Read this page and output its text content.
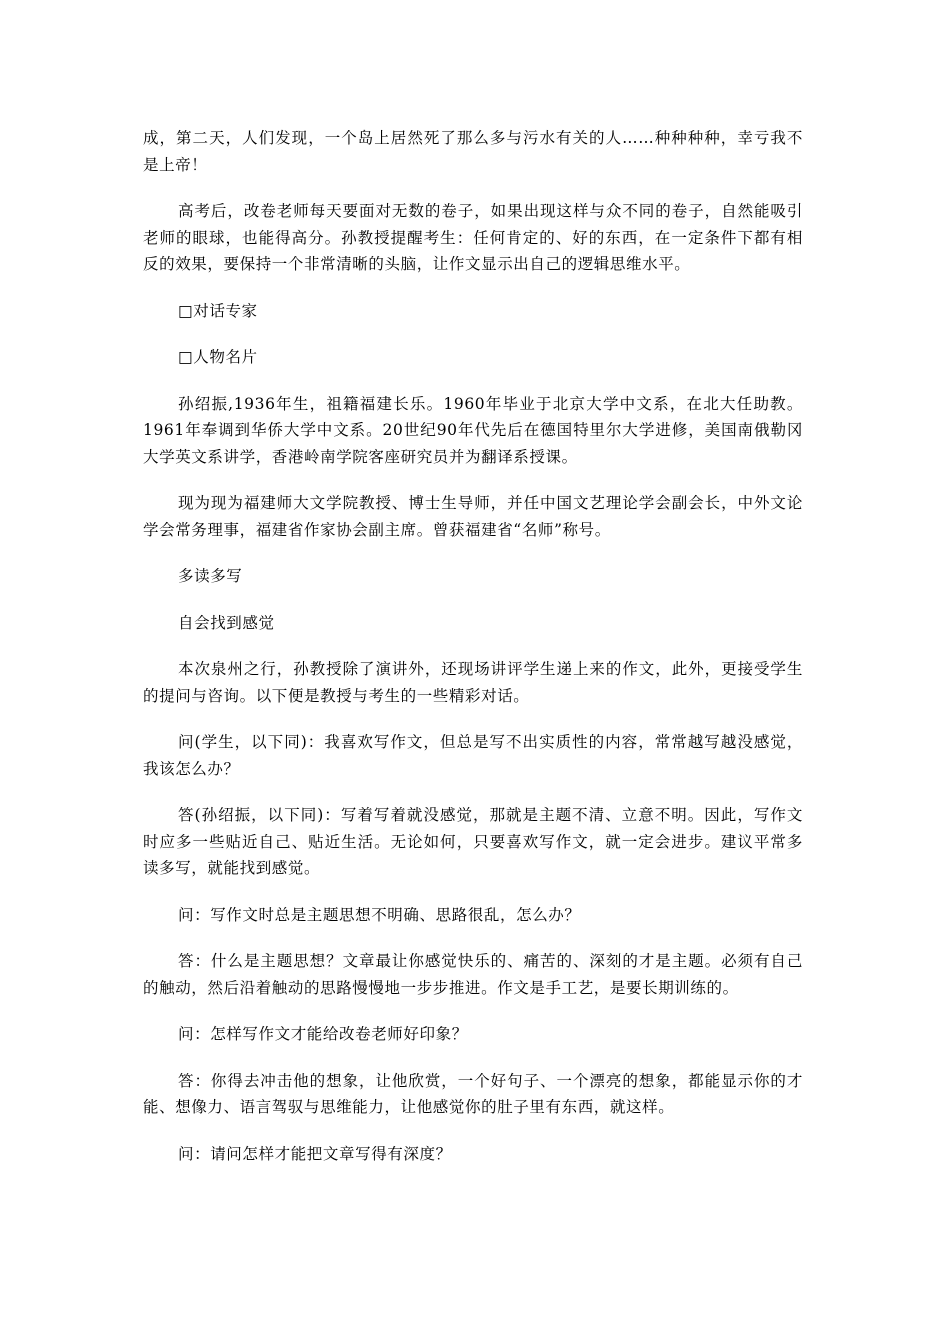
成，第二天，人们发现，一个岛上居然死了那么多与污水有关的人……种种种种，幸亏我不是上帝！

高考后，改卷老师每天要面对无数的卷子，如果出现这样与众不同的卷子，自然能吸引老师的眼球，也能得高分。孙教授提醒考生：任何肯定的、好的东西，在一定条件下都有相反的效果，要保持一个非常清晰的头脑，让作文显示出自己的逻辑思维水平。

□对话专家

□人物名片

孙绍振,1936年生，祖籍福建长乐。1960年毕业于北京大学中文系，在北大任助教。1961年奉调到华侨大学中文系。20世纪90年代先后在德国特里尔大学进修，美国南俄勒冈大学英文系讲学，香港岭南学院客座研究员并为翻译系授课。

现为现为福建师大文学院教授、博士生导师，并任中国文艺理论学会副会长，中外文论学会常务理事，福建省作家协会副主席。曾获福建省“名师”称号。

多读多写

自会找到感觉

本次泉州之行，孙教授除了演讲外，还现场讲评学生递上来的作文，此外，更接受学生的提问与咨询。以下便是教授与考生的一些精彩对话。

问(学生，以下同)：我喜欢写作文，但总是写不出实质性的内容，常常越写越没感觉，我该怎么办？

答(孙绍振，以下同)：写着写着就没感觉，那就是主题不清、立意不明。因此，写作文时应多一些贴近自己、贴近生活。无论如何，只要喜欢写作文，就一定会进步。建议平常多读多写，就能找到感觉。

问：写作文时总是主题思想不明确、思路很乱，怎么办？

答：什么是主题思想？文章最让你感觉快乐的、痛苦的、深刻的才是主题。必须有自己的触动，然后沿着触动的思路慢慢地一步步推进。作文是手工艺，是要长期训练的。

问：怎样写作文才能给改卷老师好印象？

答：你得去冲击他的想象，让他欣赏，一个好句子、一个漂亮的想象，都能显示你的才能、想像力、语言驾驭与思维能力，让他感觉你的肚子里有东西，就这样。

问：请问怎样才能把文章写得有深度？
